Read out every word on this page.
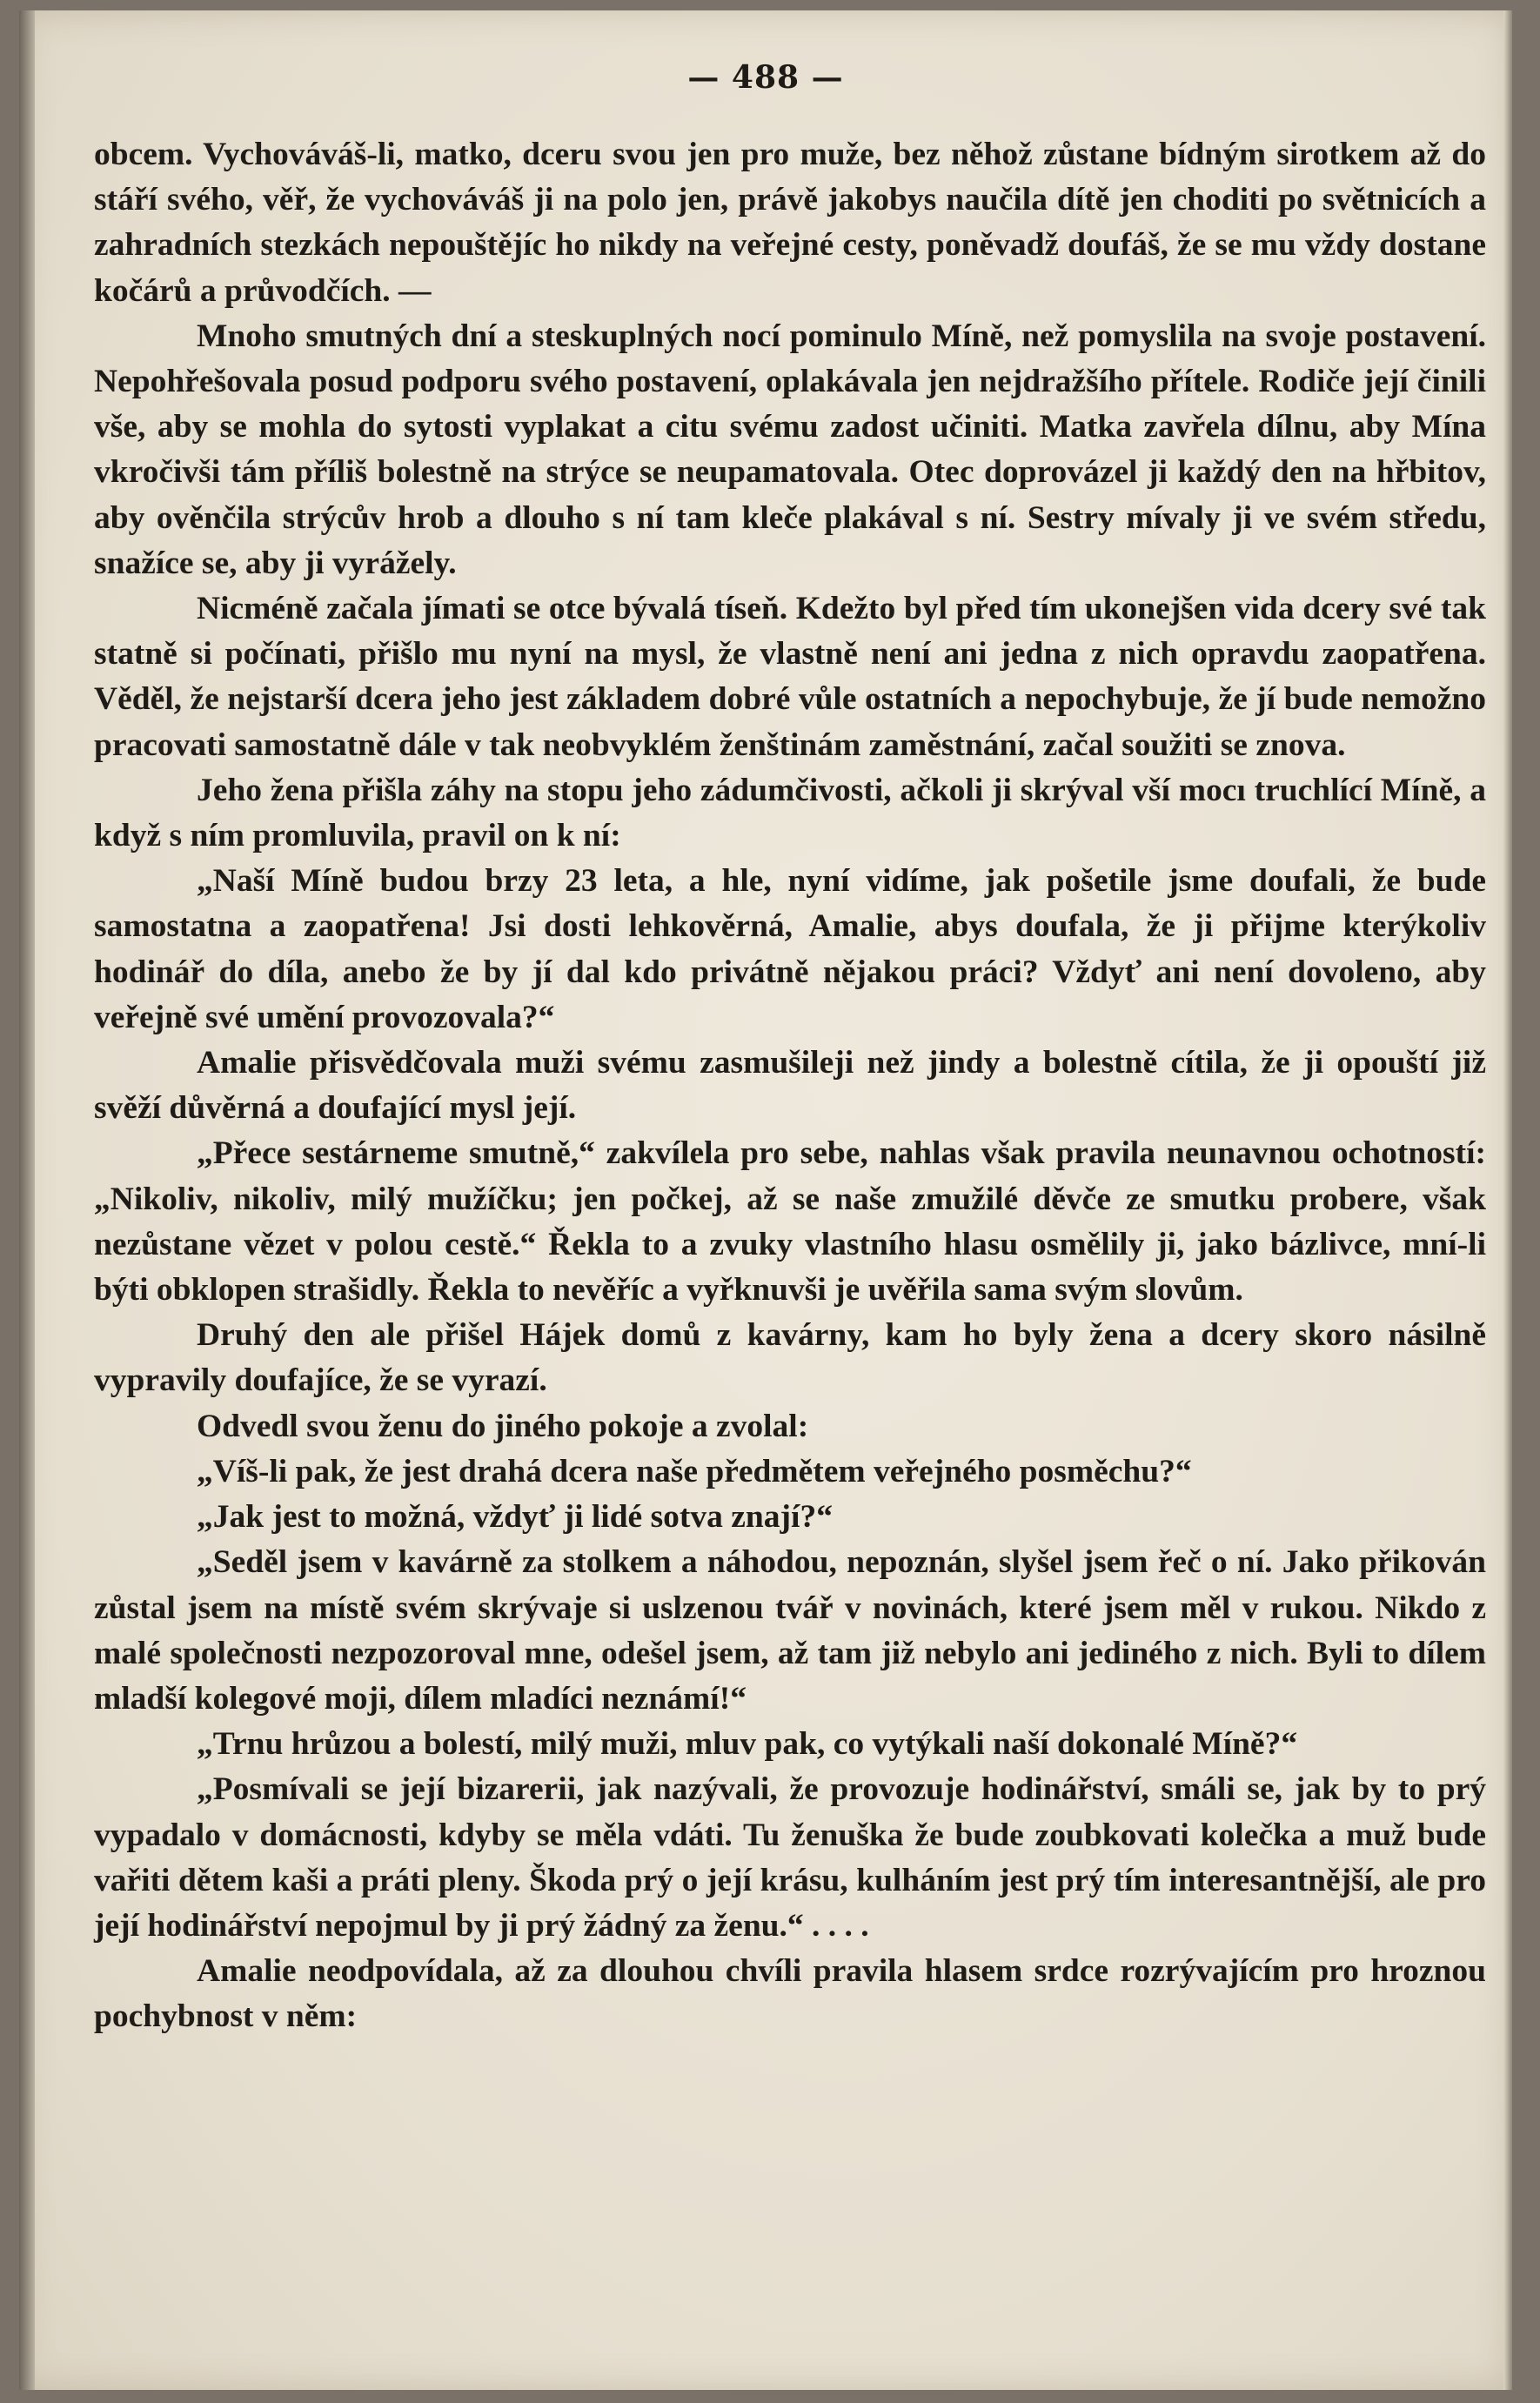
— 488 —

obcem. Vychováváš-li, matko, dceru svou jen pro muže, bez něhož zůstane bídným sirotkem až do stáří svého, věř, že vychováváš ji na polo jen, právě jakobys naučila dítě jen choditi po světnicích a zahradních stezkách nepouštějíc ho nikdy na veřejné cesty, poněvadž doufáš, že se mu vždy dostane kočárů a průvodčích. —

Mnoho smutných dní a steskuplných nocí pominulo Míně, než pomyslila na svoje postavení. Nepohřešovala posud podporu svého postavení, oplakávala jen nejdražšího přítele. Rodiče její činili vše, aby se mohla do sytosti vyplakat a citu svému zadost učiniti. Matka zavřela dílnu, aby Mína vkročivši tám příliš bolestně na strýce se neupamatovala. Otec doprovázel ji každý den na hřbitov, aby ověnčila strýcův hrob a dlouho s ní tam kleče plakával s ní. Sestry mívaly ji ve svém středu, snažíce se, aby ji vyrážely.

Nicméně začala jímati se otce bývalá tíseň. Kdežto byl před tím ukonejšen vida dcery své tak statně si počínati, přišlo mu nyní na mysl, že vlastně není ani jedna z nich opravdu zaopatřena. Věděl, že nejstarší dcera jeho jest základem dobré vůle ostatních a nepochybuje, že jí bude nemožno pracovati samostatně dále v tak neobvyklém ženštinám zaměstnání, začal soužiti se znova.

Jeho žena přišla záhy na stopu jeho zádumčivosti, ačkoli ji skrýval vší mocı truchlící Míně, a když s ním promluvila, pravil on k ní:

„Naší Míně budou brzy 23 leta, a hle, nyní vidíme, jak pošetile jsme doufali, že bude samostatna a zaopatřena! Jsi dosti lehkověrná, Amalie, abys doufala, že ji přijme kterýkoliv hodinář do díla, anebo že by jí dal kdo privátně nějakou práci? Vždyť ani není dovoleno, aby veřejně své umění provozovala?“

Amalie přisvědčovala muži svému zasmušileji než jindy a bolestně cítila, že ji opouští již svěží důvěrná a doufající mysl její.

„Přece sestárneme smutně,“ zakvílela pro sebe, nahlas však pravila neunavnou ochotností: „Nikoliv, nikoliv, milý mužíčku; jen počkej, až se naše zmužilé děvče ze smutku probere, však nezůstane vězet v polou cestě.“ Řekla to a zvuky vlastního hlasu osmělily ji, jako bázlivce, mní-li býti obklopen strašidly. Řekla to nevěříc a vyřknuvši je uvěřila sama svým slovům.

Druhý den ale přišel Hájek domů z kavárny, kam ho byly žena a dcery skoro násilně vypravily doufajíce, že se vyrazí.

Odvedl svou ženu do jiného pokoje a zvolal:

„Víš-li pak, že jest drahá dcera naše předmětem veřejného posměchu?“

„Jak jest to možná, vždyť ji lidé sotva znají?“

„Seděl jsem v kavárně za stolkem a náhodou, nepoznán, slyšel jsem řeč o ní. Jako přikován zůstal jsem na místě svém skrývaje si uslzenou tvář v novinách, které jsem měl v rukou. Nikdo z malé společnosti nezpozoroval mne, odešel jsem, až tam již nebylo ani jediného z nich. Byli to dílem mladší kolegové moji, dílem mladíci neznámí!“

„Trnu hrůzou a bolestí, milý muži, mluv pak, co vytýkali naší dokonalé Míně?“

„Posmívali se její bizarerii, jak nazývali, že provozuje hodinářství, smáli se, jak by to prý vypadalo v domácnosti, kdyby se měla vdáti. Tu ženuška že bude zoubkovati kolečka a muž bude vařiti dětem kaši a práti pleny. Škoda prý o její krásu, kulháním jest prý tím interesantnější, ale pro její hodinářství nepojmul by ji prý žádný za ženu.“ . . . .

Amalie neodpovídala, až za dlouhou chvíli pravila hlasem srdce rozrývajícím pro hroznou pochybnost v něm:
